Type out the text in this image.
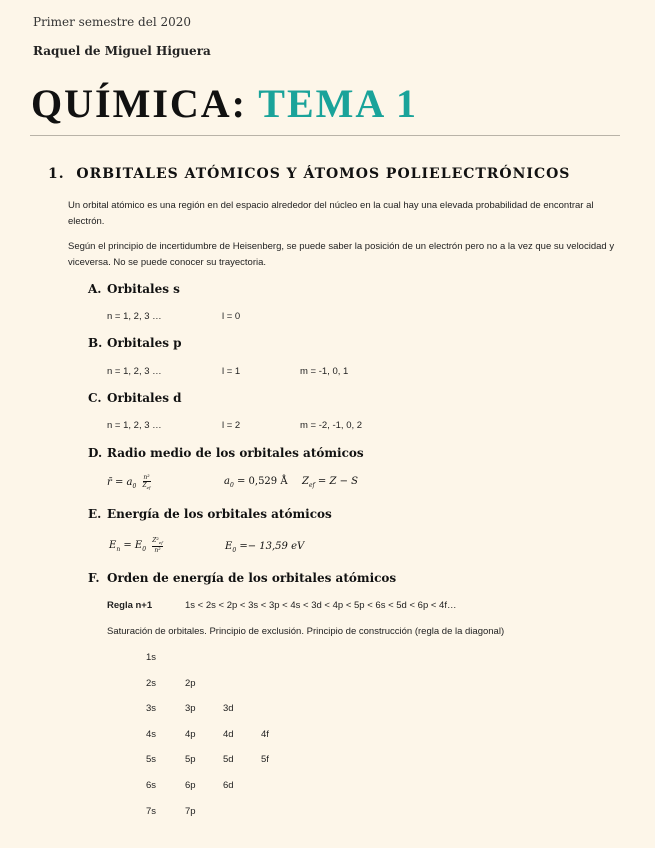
Primer semestre del 2020
Raquel de Miguel Higuera
QUÍMICA: TEMA 1
1. ORBITALES ATÓMICOS Y ÁTOMOS POLIELECTRÓNICOS
Un orbital atómico es una región en del espacio alrededor del núcleo en la cual hay una elevada probabilidad de encontrar al electrón.
Según el principio de incertidumbre de Heisenberg, se puede saber la posición de un electrón pero no a la vez que su velocidad y viceversa. No se puede conocer su trayectoria.
A. Orbitales s
n = 1, 2, 3 …	l = 0
B. Orbitales p
n = 1, 2, 3 …	l = 1	m = -1, 0, 1
C. Orbitales d
n = 1, 2, 3 …	l = 2	m = -2, -1, 0, 2
D. Radio medio de los orbitales atómicos
r̄ = $a_0$
n²
$Z_{ef}$
$a_0 = 0,529$ Å $Z_{ef} = Z - S$
E. Energía de los orbitales atómicos
$E_n = E_0 \frac{Z^2_{ef}}{\text{n²}}$	$E_0 =- 13,59$ eV
F. Orden de energía de los orbitales atómicos
Regla n+1	1s < 2s < 2p < 3s < 3p < 4s < 3d < 4p < 5p < 6s < 5d < 6p < 4f…
Saturación de orbitales. Principio de exclusión. Principio de construcción (regla de la diagonal)
1s
2s	2p
3s	3p	3d
4s	4p	4d	4f
5s	5p	5d	5f
6s	6p	6d
7s	7p
